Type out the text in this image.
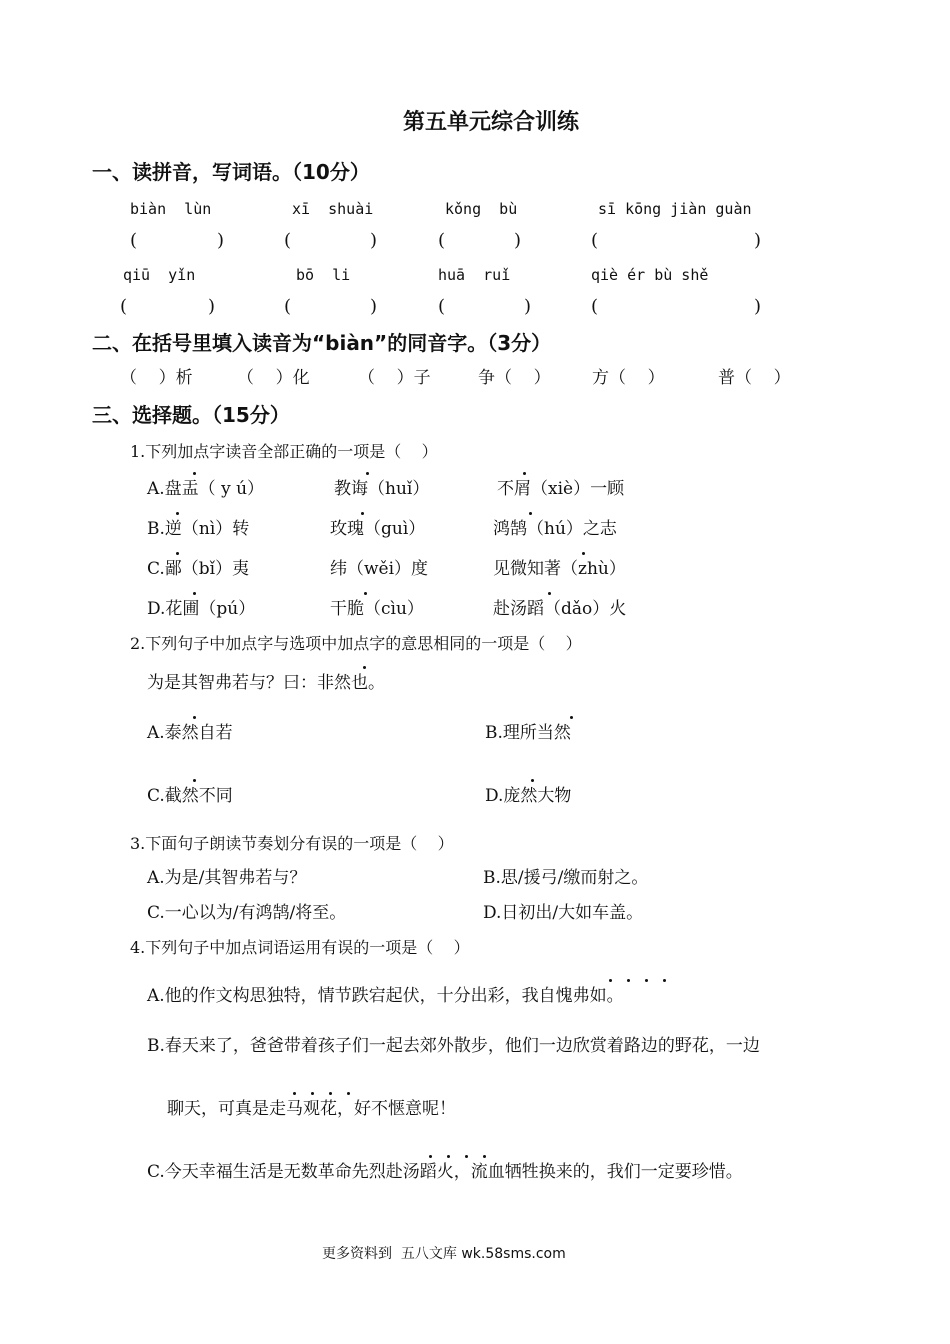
第五单元综合训练
一、读拼音，写词语。（10分）
biàn  lùn	xī  shuài	kǒng  bù	sī kōng jiàn guàn
(	)	(	)	(	)	(	)
qiū  yǐn	bō  li	huā  ruǐ	qiè ér bù shě
(	)	(	)	(	)	(	)
二、在括号里填入读音为“biàn”的同音字。（3分）
（    ）析	（    ）化	（    ）子	争（    ） 方（    ）	普（    ）
三、选择题。（15分）
1.下列加点字读音全部正确的一项是（    ）
A.盘盂（ y ú）	教诲（huǐ）	不屑（xiè）一顾
B.逆（nì）转	玫瑰（guì）	鸿鹄（hú）之志
C.鄙（bǐ）夷	纬（wěi）度	见微知著（zhù）
D.花圃（pú）	干脆（cìu）	赴汤蹈（dǎo）火
2.下列句子中加点字与选项中加点字的意思相同的一项是（    ）
为是其智弗若与？曰：非然也。
A.泰然自若	B.理所当然
C.截然不同	D.庞然大物
3.下面句子朗读节奏划分有误的一项是（    ）
A.为是/其智弗若与？	B.思/援弓/缴而射之。
C.一心以为/有鸿鹄/将至。	D.日初出/大如车盖。
4.下列句子中加点词语运用有误的一项是（    ）
A.他的作文构思独特，情节跌宕起伏，十分出彩，我自愧弗如。
B.春天来了，爸爸带着孩子们一起去郊外散步，他们一边欣赏着路边的野花，一边
聊天，可真是走马观花，好不惬意呢！
C.今天幸福生活是无数革命先烈赴汤蹈火，流血牺牲换来的，我们一定要珍惜。
更多资料到  五八文库 wk.58sms.com
